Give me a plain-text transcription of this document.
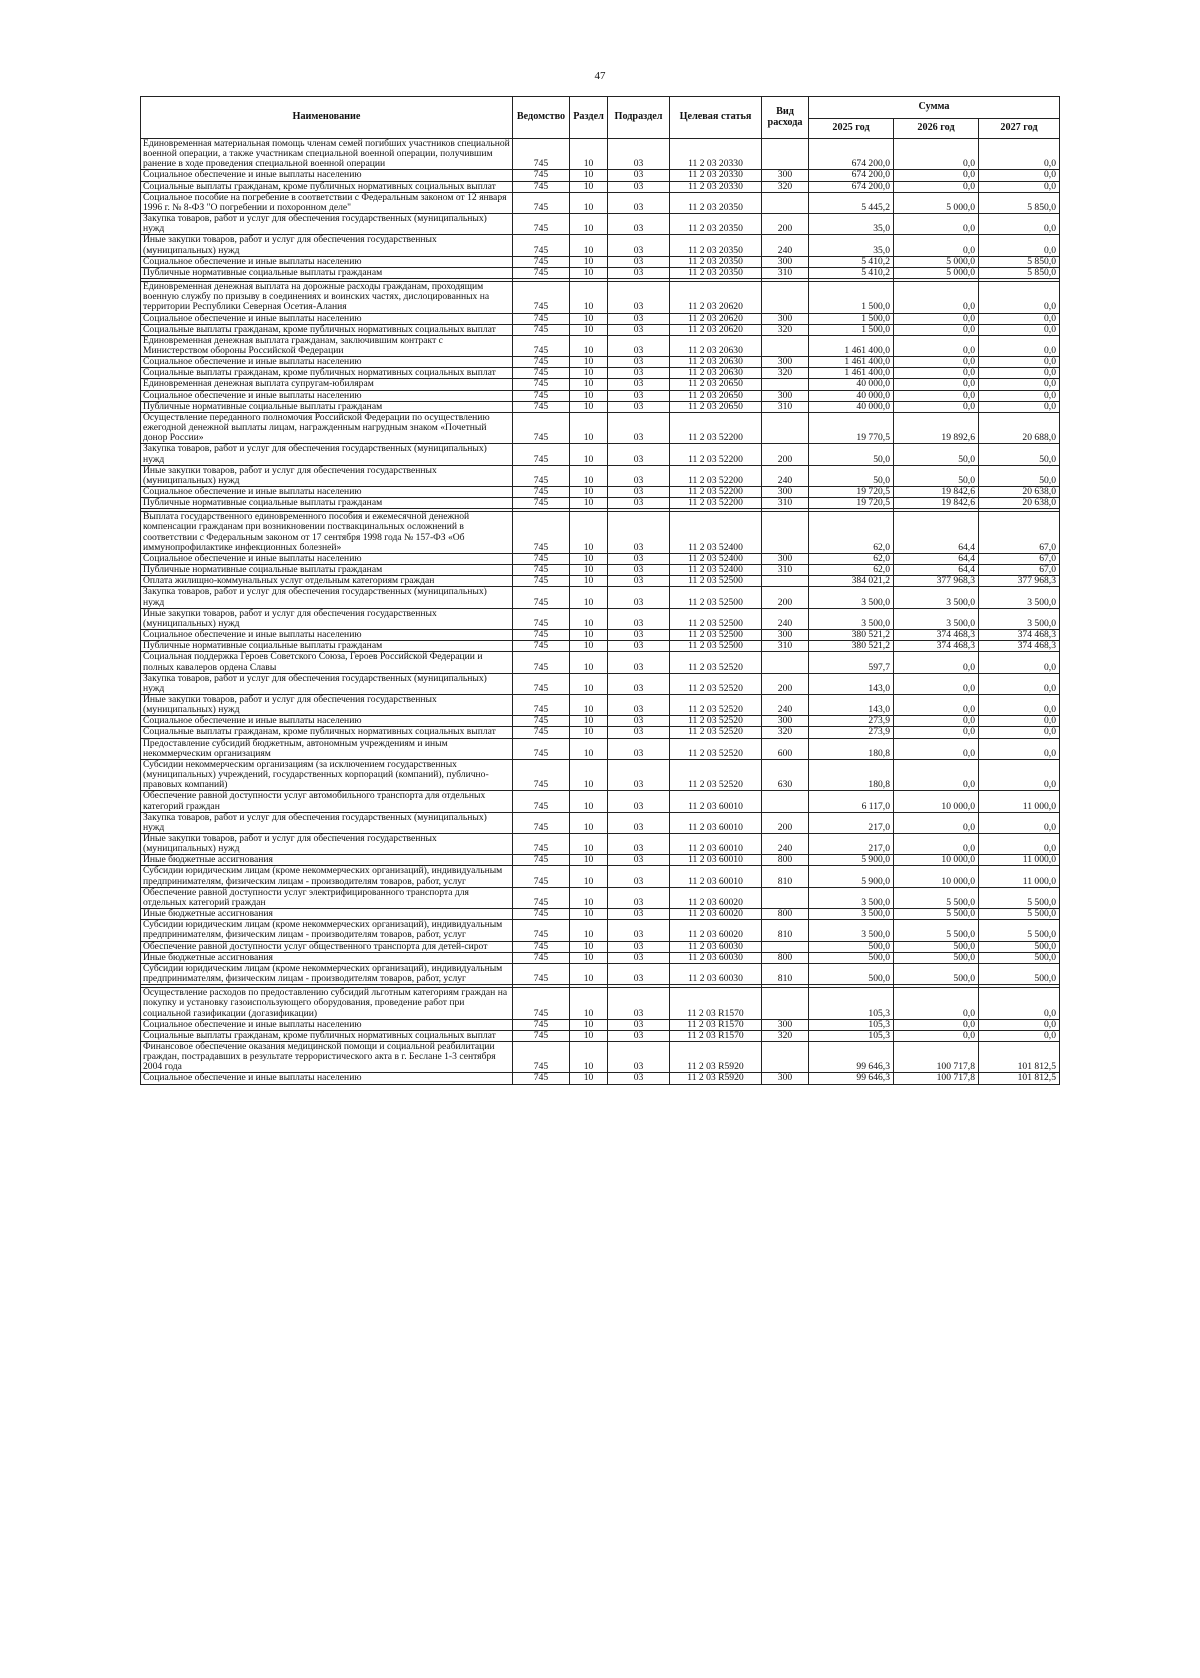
47
Наименование	Ведомство	Раздел	Подраздел	Целевая статья	Вид расхода	Сумма		
						2025 год	2026 год	2027 год
Единовременная материальная помощь членам семей погибших участников специальной военной операции, а также участникам специальной военной операции, получившим ранение в ходе проведения специальной военной операции	745	10	03	11 2 03 20330		674 200,0	0,0	0,0
Социальное обеспечение и иные выплаты населению	745	10	03	11 2 03 20330	300	674 200,0	0,0	0,0
Социальные выплаты гражданам, кроме публичных нормативных социальных выплат	745	10	03	11 2 03 20330	320	674 200,0	0,0	0,0
Социальное пособие на погребение в соответствии с Федеральным законом от 12 января 1996 г. № 8-ФЗ "О погребении и похоронном деле"	745	10	03	11 2 03 20350		5 445,2	5 000,0	5 850,0
Закупка товаров, работ и услуг для обеспечения государственных (муниципальных) нужд	745	10	03	11 2 03 20350	200	35,0	0,0	0,0
Иные закупки товаров, работ и услуг для обеспечения государственных (муниципальных) нужд	745	10	03	11 2 03 20350	240	35,0	0,0	0,0
Социальное обеспечение и иные выплаты населению	745	10	03	11 2 03 20350	300	5 410,2	5 000,0	5 850,0
Публичные нормативные социальные выплаты гражданам	745	10	03	11 2 03 20350	310	5 410,2	5 000,0	5 850,0

Единовременная денежная выплата на дорожные расходы гражданам, проходящим военную службу по призыву в соединениях и воинских частях, дислоцированных на территории Республики Северная Осетия-Алания	745	10	03	11 2 03 20620		1 500,0	0,0	0,0
Социальное обеспечение и иные выплаты населению	745	10	03	11 2 03 20620	300	1 500,0	0,0	0,0
Социальные выплаты гражданам, кроме публичных нормативных социальных выплат	745	10	03	11 2 03 20620	320	1 500,0	0,0	0,0
Единовременная денежная выплата гражданам, заключившим контракт с Министерством обороны Российской Федерации	745	10	03	11 2 03 20630		1 461 400,0	0,0	0,0
Социальное обеспечение и иные выплаты населению	745	10	03	11 2 03 20630	300	1 461 400,0	0,0	0,0
Социальные выплаты гражданам, кроме публичных нормативных социальных выплат	745	10	03	11 2 03 20630	320	1 461 400,0	0,0	0,0
Единовременная денежная выплата супругам-юбилярам	745	10	03	11 2 03 20650		40 000,0	0,0	0,0
Социальное обеспечение и иные выплаты населению	745	10	03	11 2 03 20650	300	40 000,0	0,0	0,0
Публичные нормативные социальные выплаты гражданам	745	10	03	11 2 03 20650	310	40 000,0	0,0	0,0
Осуществление переданного полномочия Российской Федерации по осуществлению ежегодной денежной выплаты лицам, награжденным нагрудным знаком «Почетный донор России»	745	10	03	11 2 03 52200		19 770,5	19 892,6	20 688,0
Закупка товаров, работ и услуг для обеспечения государственных (муниципальных) нужд	745	10	03	11 2 03 52200	200	50,0	50,0	50,0
Иные закупки товаров, работ и услуг для обеспечения государственных (муниципальных) нужд	745	10	03	11 2 03 52200	240	50,0	50,0	50,0
Социальное обеспечение и иные выплаты населению	745	10	03	11 2 03 52200	300	19 720,5	19 842,6	20 638,0
Публичные нормативные социальные выплаты гражданам	745	10	03	11 2 03 52200	310	19 720,5	19 842,6	20 638,0

Выплата государственного единовременного пособия и ежемесячной денежной компенсации гражданам при возникновении поствакцинальных осложнений в соответствии с Федеральным законом от 17 сентября 1998 года № 157-ФЗ «Об иммунопрофилактике инфекционных болезней»	745	10	03	11 2 03 52400		62,0	64,4	67,0
Социальное обеспечение и иные выплаты населению	745	10	03	11 2 03 52400	300	62,0	64,4	67,0
Публичные нормативные социальные выплаты гражданам	745	10	03	11 2 03 52400	310	62,0	64,4	67,0
Оплата жилищно-коммунальных услуг отдельным категориям граждан	745	10	03	11 2 03 52500		384 021,2	377 968,3	377 968,3
Закупка товаров, работ и услуг для обеспечения государственных (муниципальных) нужд	745	10	03	11 2 03 52500	200	3 500,0	3 500,0	3 500,0
Иные закупки товаров, работ и услуг для обеспечения государственных (муниципальных) нужд	745	10	03	11 2 03 52500	240	3 500,0	3 500,0	3 500,0
Социальное обеспечение и иные выплаты населению	745	10	03	11 2 03 52500	300	380 521,2	374 468,3	374 468,3
Публичные нормативные социальные выплаты гражданам	745	10	03	11 2 03 52500	310	380 521,2	374 468,3	374 468,3
Социальная поддержка Героев Советского Союза, Героев Российской Федерации и полных кавалеров ордена Славы	745	10	03	11 2 03 52520		597,7	0,0	0,0
Закупка товаров, работ и услуг для обеспечения государственных (муниципальных) нужд	745	10	03	11 2 03 52520	200	143,0	0,0	0,0
Иные закупки товаров, работ и услуг для обеспечения государственных (муниципальных) нужд	745	10	03	11 2 03 52520	240	143,0	0,0	0,0
Социальное обеспечение и иные выплаты населению	745	10	03	11 2 03 52520	300	273,9	0,0	0,0
Социальные выплаты гражданам, кроме публичных нормативных социальных выплат	745	10	03	11 2 03 52520	320	273,9	0,0	0,0
Предоставление субсидий бюджетным, автономным учреждениям и иным некоммерческим организациям	745	10	03	11 2 03 52520	600	180,8	0,0	0,0
Субсидии некоммерческим организациям (за исключением государственных (муниципальных) учреждений, государственных корпораций (компаний), публично-правовых компаний)	745	10	03	11 2 03 52520	630	180,8	0,0	0,0
Обеспечение равной доступности услуг автомобильного транспорта для отдельных категорий граждан	745	10	03	11 2 03 60010		6 117,0	10 000,0	11 000,0
Закупка товаров, работ и услуг для обеспечения государственных (муниципальных) нужд	745	10	03	11 2 03 60010	200	217,0	0,0	0,0
Иные закупки товаров, работ и услуг для обеспечения государственных (муниципальных) нужд	745	10	03	11 2 03 60010	240	217,0	0,0	0,0
Иные бюджетные ассигнования	745	10	03	11 2 03 60010	800	5 900,0	10 000,0	11 000,0
Субсидии юридическим лицам (кроме некоммерческих организаций), индивидуальным предпринимателям, физическим лицам - производителям товаров, работ, услуг	745	10	03	11 2 03 60010	810	5 900,0	10 000,0	11 000,0
Обеспечение равной доступности услуг электрифицированного транспорта для отдельных категорий граждан	745	10	03	11 2 03 60020		3 500,0	5 500,0	5 500,0
Иные бюджетные ассигнования	745	10	03	11 2 03 60020	800	3 500,0	5 500,0	5 500,0
Субсидии юридическим лицам (кроме некоммерческих организаций), индивидуальным предпринимателям, физическим лицам - производителям товаров, работ, услуг	745	10	03	11 2 03 60020	810	3 500,0	5 500,0	5 500,0
Обеспечение равной доступности услуг общественного транспорта для детей-сирот	745	10	03	11 2 03 60030		500,0	500,0	500,0
Иные бюджетные ассигнования	745	10	03	11 2 03 60030	800	500,0	500,0	500,0
Субсидии юридическим лицам (кроме некоммерческих организаций), индивидуальным предпринимателям, физическим лицам - производителям товаров, работ, услуг	745	10	03	11 2 03 60030	810	500,0	500,0	500,0

Осуществление расходов по предоставлению субсидий льготным категориям граждан на покупку и установку газоиспользующего оборудования, проведение работ при социальной газификации (догазификации)	745	10	03	11 2 03 R1570		105,3	0,0	0,0
Социальное обеспечение и иные выплаты населению	745	10	03	11 2 03 R1570	300	105,3	0,0	0,0
Социальные выплаты гражданам, кроме публичных нормативных социальных выплат	745	10	03	11 2 03 R1570	320	105,3	0,0	0,0
Финансовое обеспечение оказания медицинской помощи и социальной реабилитации граждан, пострадавших в результате террористического акта в г. Беслане 1-3 сентября 2004 года	745	10	03	11 2 03 R5920		99 646,3	100 717,8	101 812,5
Социальное обеспечение и иные выплаты населению	745	10	03	11 2 03 R5920	300	99 646,3	100 717,8	101 812,5
